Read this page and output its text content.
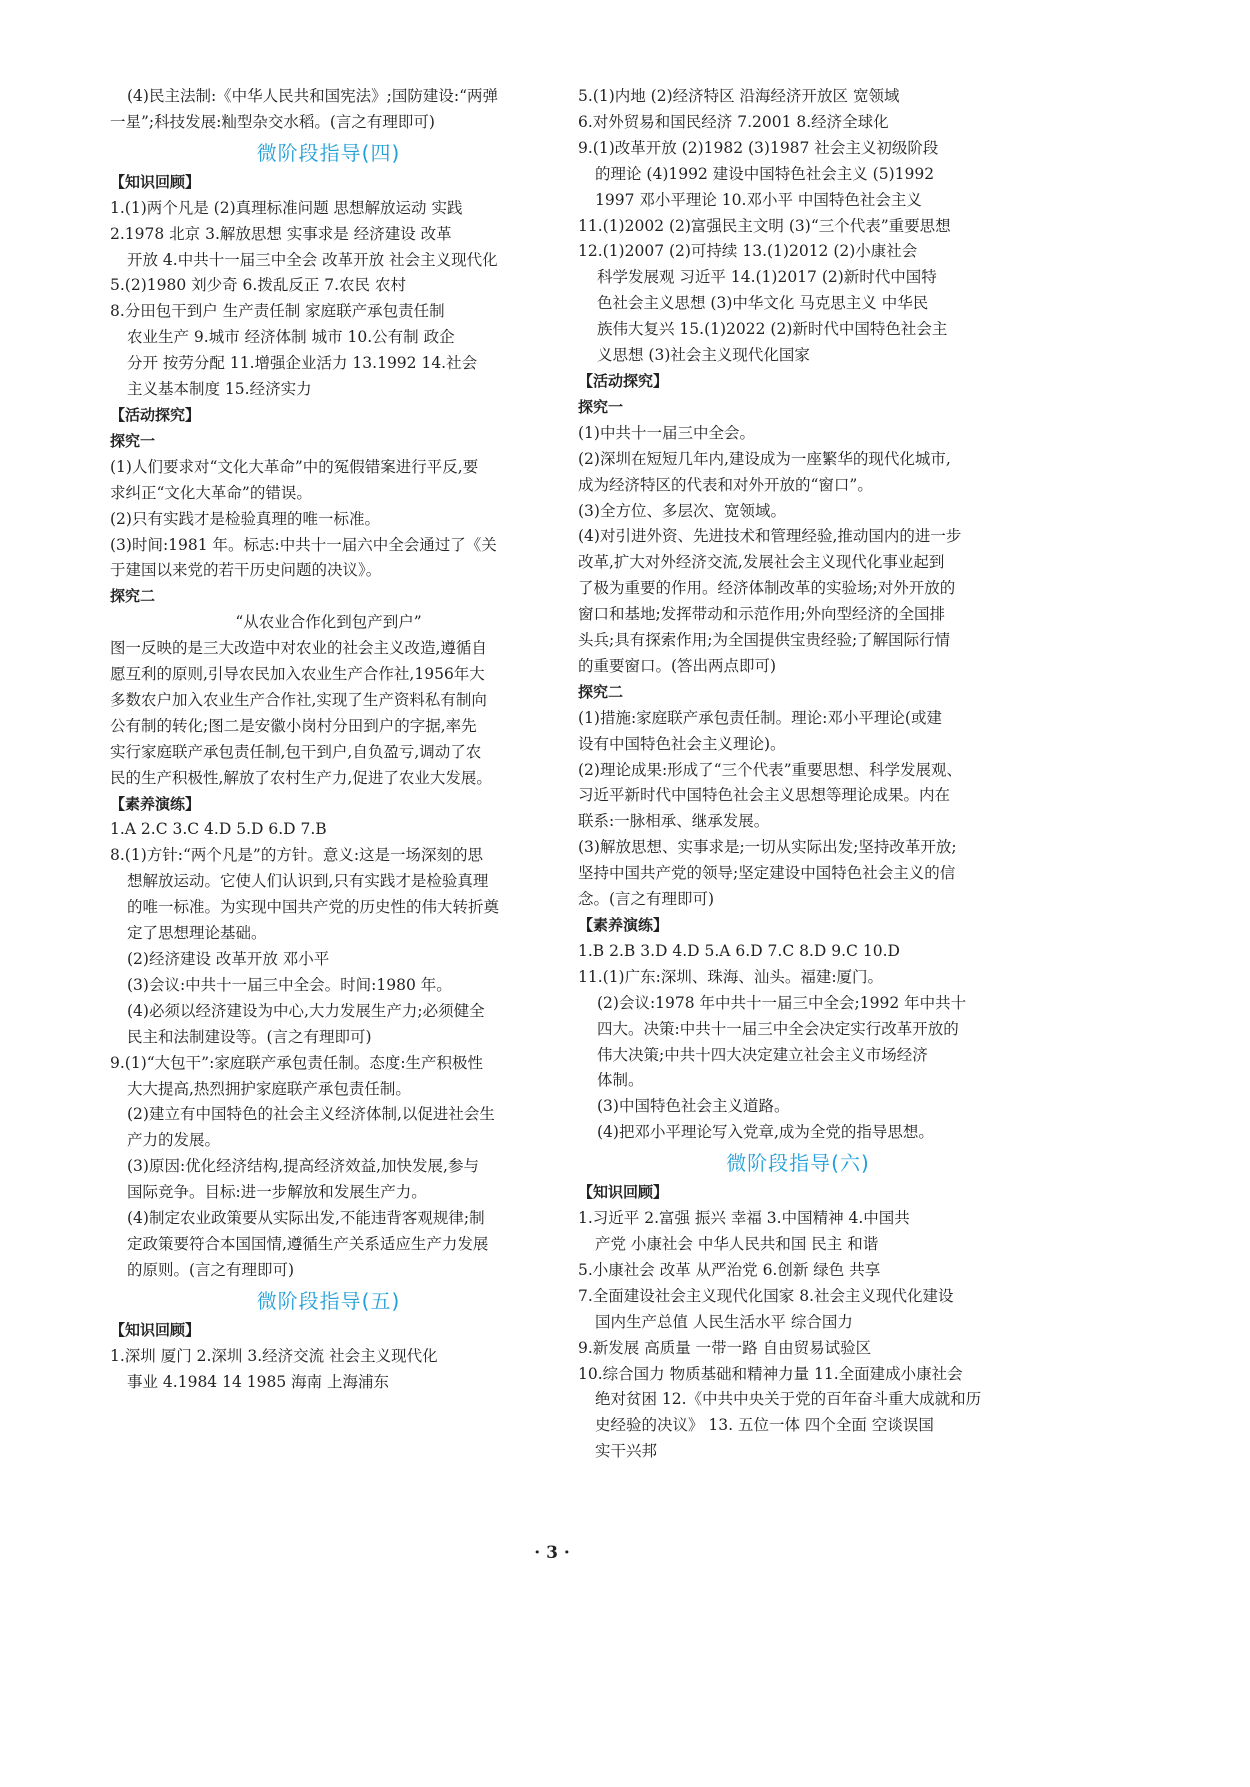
(4)民主法制:《中华人民共和国宪法》;国防建设:“两弹
一星”;科技发展:籼型杂交水稻。(言之有理即可)
微阶段指导(四)
【知识回顾】
1.(1)两个凡是 (2)真理标准问题 思想解放运动 实践
2.1978 北京 3.解放思想 实事求是 经济建设 改革
开放 4.中共十一届三中全会 改革开放 社会主义现代化
5.(2)1980 刘少奇 6.拨乱反正 7.农民 农村
8.分田包干到户 生产责任制 家庭联产承包责任制
农业生产 9.城市 经济体制 城市 10.公有制 政企
分开 按劳分配 11.增强企业活力 13.1992 14.社会
主义基本制度 15.经济实力
【活动探究】
探究一
(1)人们要求对“文化大革命”中的冤假错案进行平反,要
求纠正“文化大革命”的错误。
(2)只有实践才是检验真理的唯一标准。
(3)时间:1981 年。标志:中共十一届六中全会通过了《关
于建国以来党的若干历史问题的决议》。
探究二
“从农业合作化到包产到户”
图一反映的是三大改造中对农业的社会主义改造,遵循自
愿互利的原则,引导农民加入农业生产合作社,1956年大
多数农户加入农业生产合作社,实现了生产资料私有制向
公有制的转化;图二是安徽小岗村分田到户的字据,率先
实行家庭联产承包责任制,包干到户,自负盈亏,调动了农
民的生产积极性,解放了农村生产力,促进了农业大发展。
【素养演练】
1.A 2.C 3.C 4.D 5.D 6.D 7.B
8.(1)方针:“两个凡是”的方针。意义:这是一场深刻的思
想解放运动。它使人们认识到,只有实践才是检验真理
的唯一标准。为实现中国共产党的历史性的伟大转折奠
定了思想理论基础。
(2)经济建设 改革开放 邓小平
(3)会议:中共十一届三中全会。时间:1980 年。
(4)必须以经济建设为中心,大力发展生产力;必须健全
民主和法制建设等。(言之有理即可)
9.(1)“大包干”:家庭联产承包责任制。态度:生产积极性
大大提高,热烈拥护家庭联产承包责任制。
(2)建立有中国特色的社会主义经济体制,以促进社会生
产力的发展。
(3)原因:优化经济结构,提高经济效益,加快发展,参与
国际竞争。目标:进一步解放和发展生产力。
(4)制定农业政策要从实际出发,不能违背客观规律;制
定政策要符合本国国情,遵循生产关系适应生产力发展
的原则。(言之有理即可)
微阶段指导(五)
【知识回顾】
1.深圳 厦门 2.深圳 3.经济交流 社会主义现代化
事业 4.1984 14 1985 海南 上海浦东
5.(1)内地 (2)经济特区 沿海经济开放区 宽领域
6.对外贸易和国民经济 7.2001 8.经济全球化
9.(1)改革开放 (2)1982 (3)1987 社会主义初级阶段
的理论 (4)1992 建设中国特色社会主义 (5)1992
1997 邓小平理论 10.邓小平 中国特色社会主义
11.(1)2002 (2)富强民主文明 (3)“三个代表”重要思想
12.(1)2007 (2)可持续 13.(1)2012 (2)小康社会
科学发展观 习近平 14.(1)2017 (2)新时代中国特
色社会主义思想 (3)中华文化 马克思主义 中华民
族伟大复兴 15.(1)2022 (2)新时代中国特色社会主
义思想 (3)社会主义现代化国家
【活动探究】
探究一
(1)中共十一届三中全会。
(2)深圳在短短几年内,建设成为一座繁华的现代化城市,
成为经济特区的代表和对外开放的“窗口”。
(3)全方位、多层次、宽领域。
(4)对引进外资、先进技术和管理经验,推动国内的进一步
改革,扩大对外经济交流,发展社会主义现代化事业起到
了极为重要的作用。经济体制改革的实验场;对外开放的
窗口和基地;发挥带动和示范作用;外向型经济的全国排
头兵;具有探索作用;为全国提供宝贵经验;了解国际行情
的重要窗口。(答出两点即可)
探究二
(1)措施:家庭联产承包责任制。理论:邓小平理论(或建
设有中国特色社会主义理论)。
(2)理论成果:形成了“三个代表”重要思想、科学发展观、
习近平新时代中国特色社会主义思想等理论成果。内在
联系:一脉相承、继承发展。
(3)解放思想、实事求是;一切从实际出发;坚持改革开放;
坚持中国共产党的领导;坚定建设中国特色社会主义的信
念。(言之有理即可)
【素养演练】
1.B 2.B 3.D 4.D 5.A 6.D 7.C 8.D 9.C 10.D
11.(1)广东:深圳、珠海、汕头。福建:厦门。
(2)会议:1978 年中共十一届三中全会;1992 年中共十
四大。决策:中共十一届三中全会决定实行改革开放的
伟大决策;中共十四大决定建立社会主义市场经济
体制。
(3)中国特色社会主义道路。
(4)把邓小平理论写入党章,成为全党的指导思想。
微阶段指导(六)
【知识回顾】
1.习近平 2.富强 振兴 幸福 3.中国精神 4.中国共
产党 小康社会 中华人民共和国 民主 和谐
5.小康社会 改革 从严治党 6.创新 绿色 共享
7.全面建设社会主义现代化国家 8.社会主义现代化建设
国内生产总值 人民生活水平 综合国力
9.新发展 高质量 一带一路 自由贸易试验区
10.综合国力 物质基础和精神力量 11.全面建成小康社会
绝对贫困 12.《中共中央关于党的百年奋斗重大成就和历
史经验的决议》 13. 五位一体 四个全面 空谈误国
实干兴邦
· 3 ·
